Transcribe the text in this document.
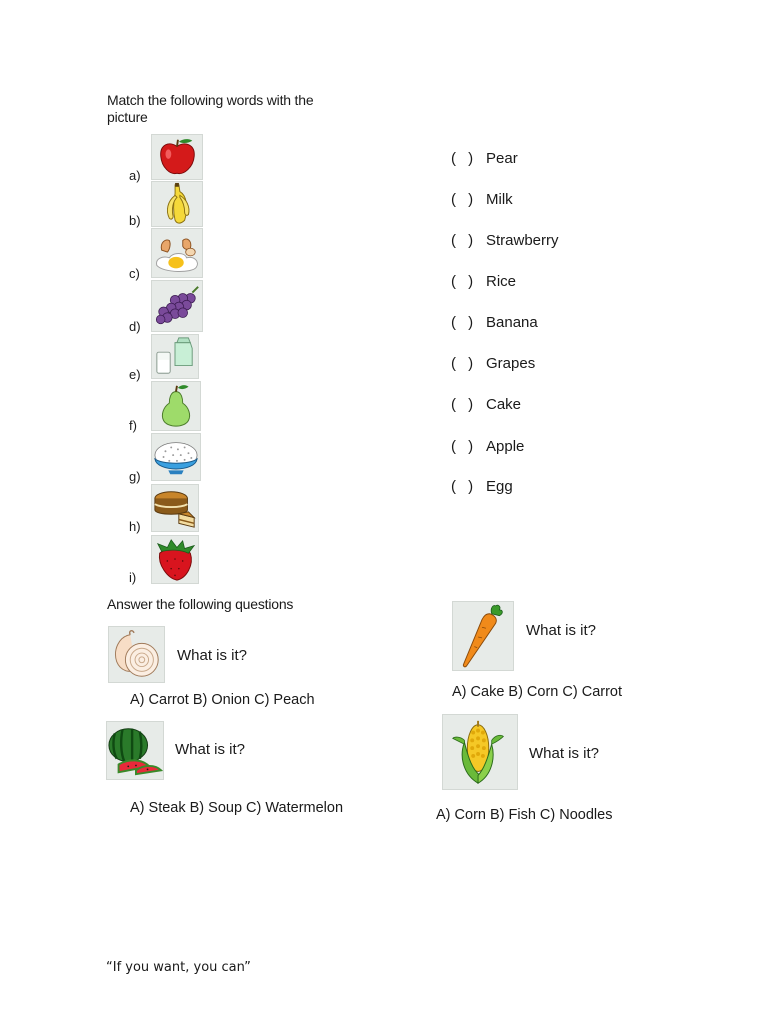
Match the following words with the
picture
a)
b)
c)
d)
e)
f)
g)
h)
i)
( ) Pear
( ) Milk
( ) Strawberry
( ) Rice
( ) Banana
( ) Grapes
( ) Cake
( ) Apple
( ) Egg
Answer the following questions
What is it?
A) Carrot B) Onion C) Peach
What is it?
A) Steak B) Soup C) Watermelon
What is it?
A) Cake B) Corn C) Carrot
What is it?
A) Corn B) Fish C) Noodles
“If you want, you can”
